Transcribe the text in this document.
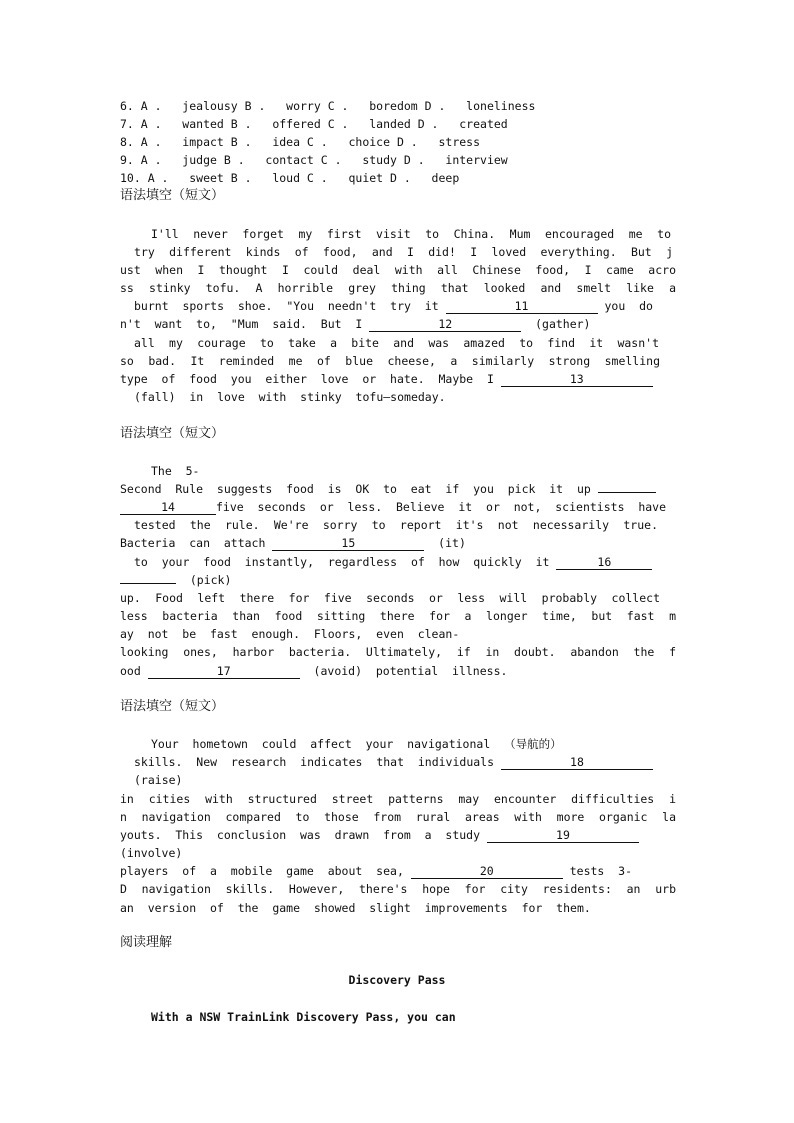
6. A .   jealousy B .   worry C .   boredom D .   loneliness
7. A .   wanted B .   offered C .   landed D .   created
8. A .   impact B .   idea C .   choice D .   stress
9. A .   judge B .   contact C .   study D .   interview
10. A .   sweet B .   loud C .   quiet D .   deep
语法填空（短文）
I'll never forget my first visit to China. Mum encouraged me to
try different kinds of food, and I did! I loved everything. But j
ust when I thought I could deal with all Chinese food, I came acro
ss stinky tofu. A horrible grey thing that looked and smelt like a
burnt  sports  shoe.  "You  needn't  try  it	11	you  do
n't  want  to,  "Mum  said.  But  I	12	(gather)
all my courage to take a bite and was amazed to find it wasn't
so bad. It reminded me of blue cheese, a similarly strong smelling
type  of  food  you  either  love  or  hate.  Maybe  I	13
(fall)  in  love  with  stinky  tofu—someday.
语法填空（短文）
The  5-
Second  Rule  suggests  food  is  OK  to  eat  if  you  pick  it  up
14	five  seconds  or  less.  Believe  it  or  not,  scientists  have
tested the rule. We're sorry to report it's not necessarily true.
Bacteria  can  attach	15	(it)
to  your  food  instantly,  regardless  of  how  quickly  it	16
(pick)
up. Food left there for five seconds or less will probably collect
less bacteria than food sitting there for a longer time, but fast m
ay  not  be  fast  enough.  Floors,  even  clean-
looking ones, harbor bacteria. Ultimately, if in doubt. abandon the f
ood	17	(avoid)  potential  illness.
语法填空（短文）
Your  hometown  could  affect  your  navigational  （导航的）
skills.  New  research  indicates  that  individuals	18
(raise)
in cities with structured street patterns may encounter difficulties i
n navigation compared to those from rural areas with more organic la
youts.  This  conclusion  was  drawn  from  a  study	19
(involve)
players  of  a  mobile  game  about  sea,	20	tests  3-
D navigation skills. However, there's hope for city residents: an urb
an  version  of  the  game  showed  slight  improvements  for  them.
阅读理解
Discovery Pass
With a NSW TrainLink Discovery Pass, you can
